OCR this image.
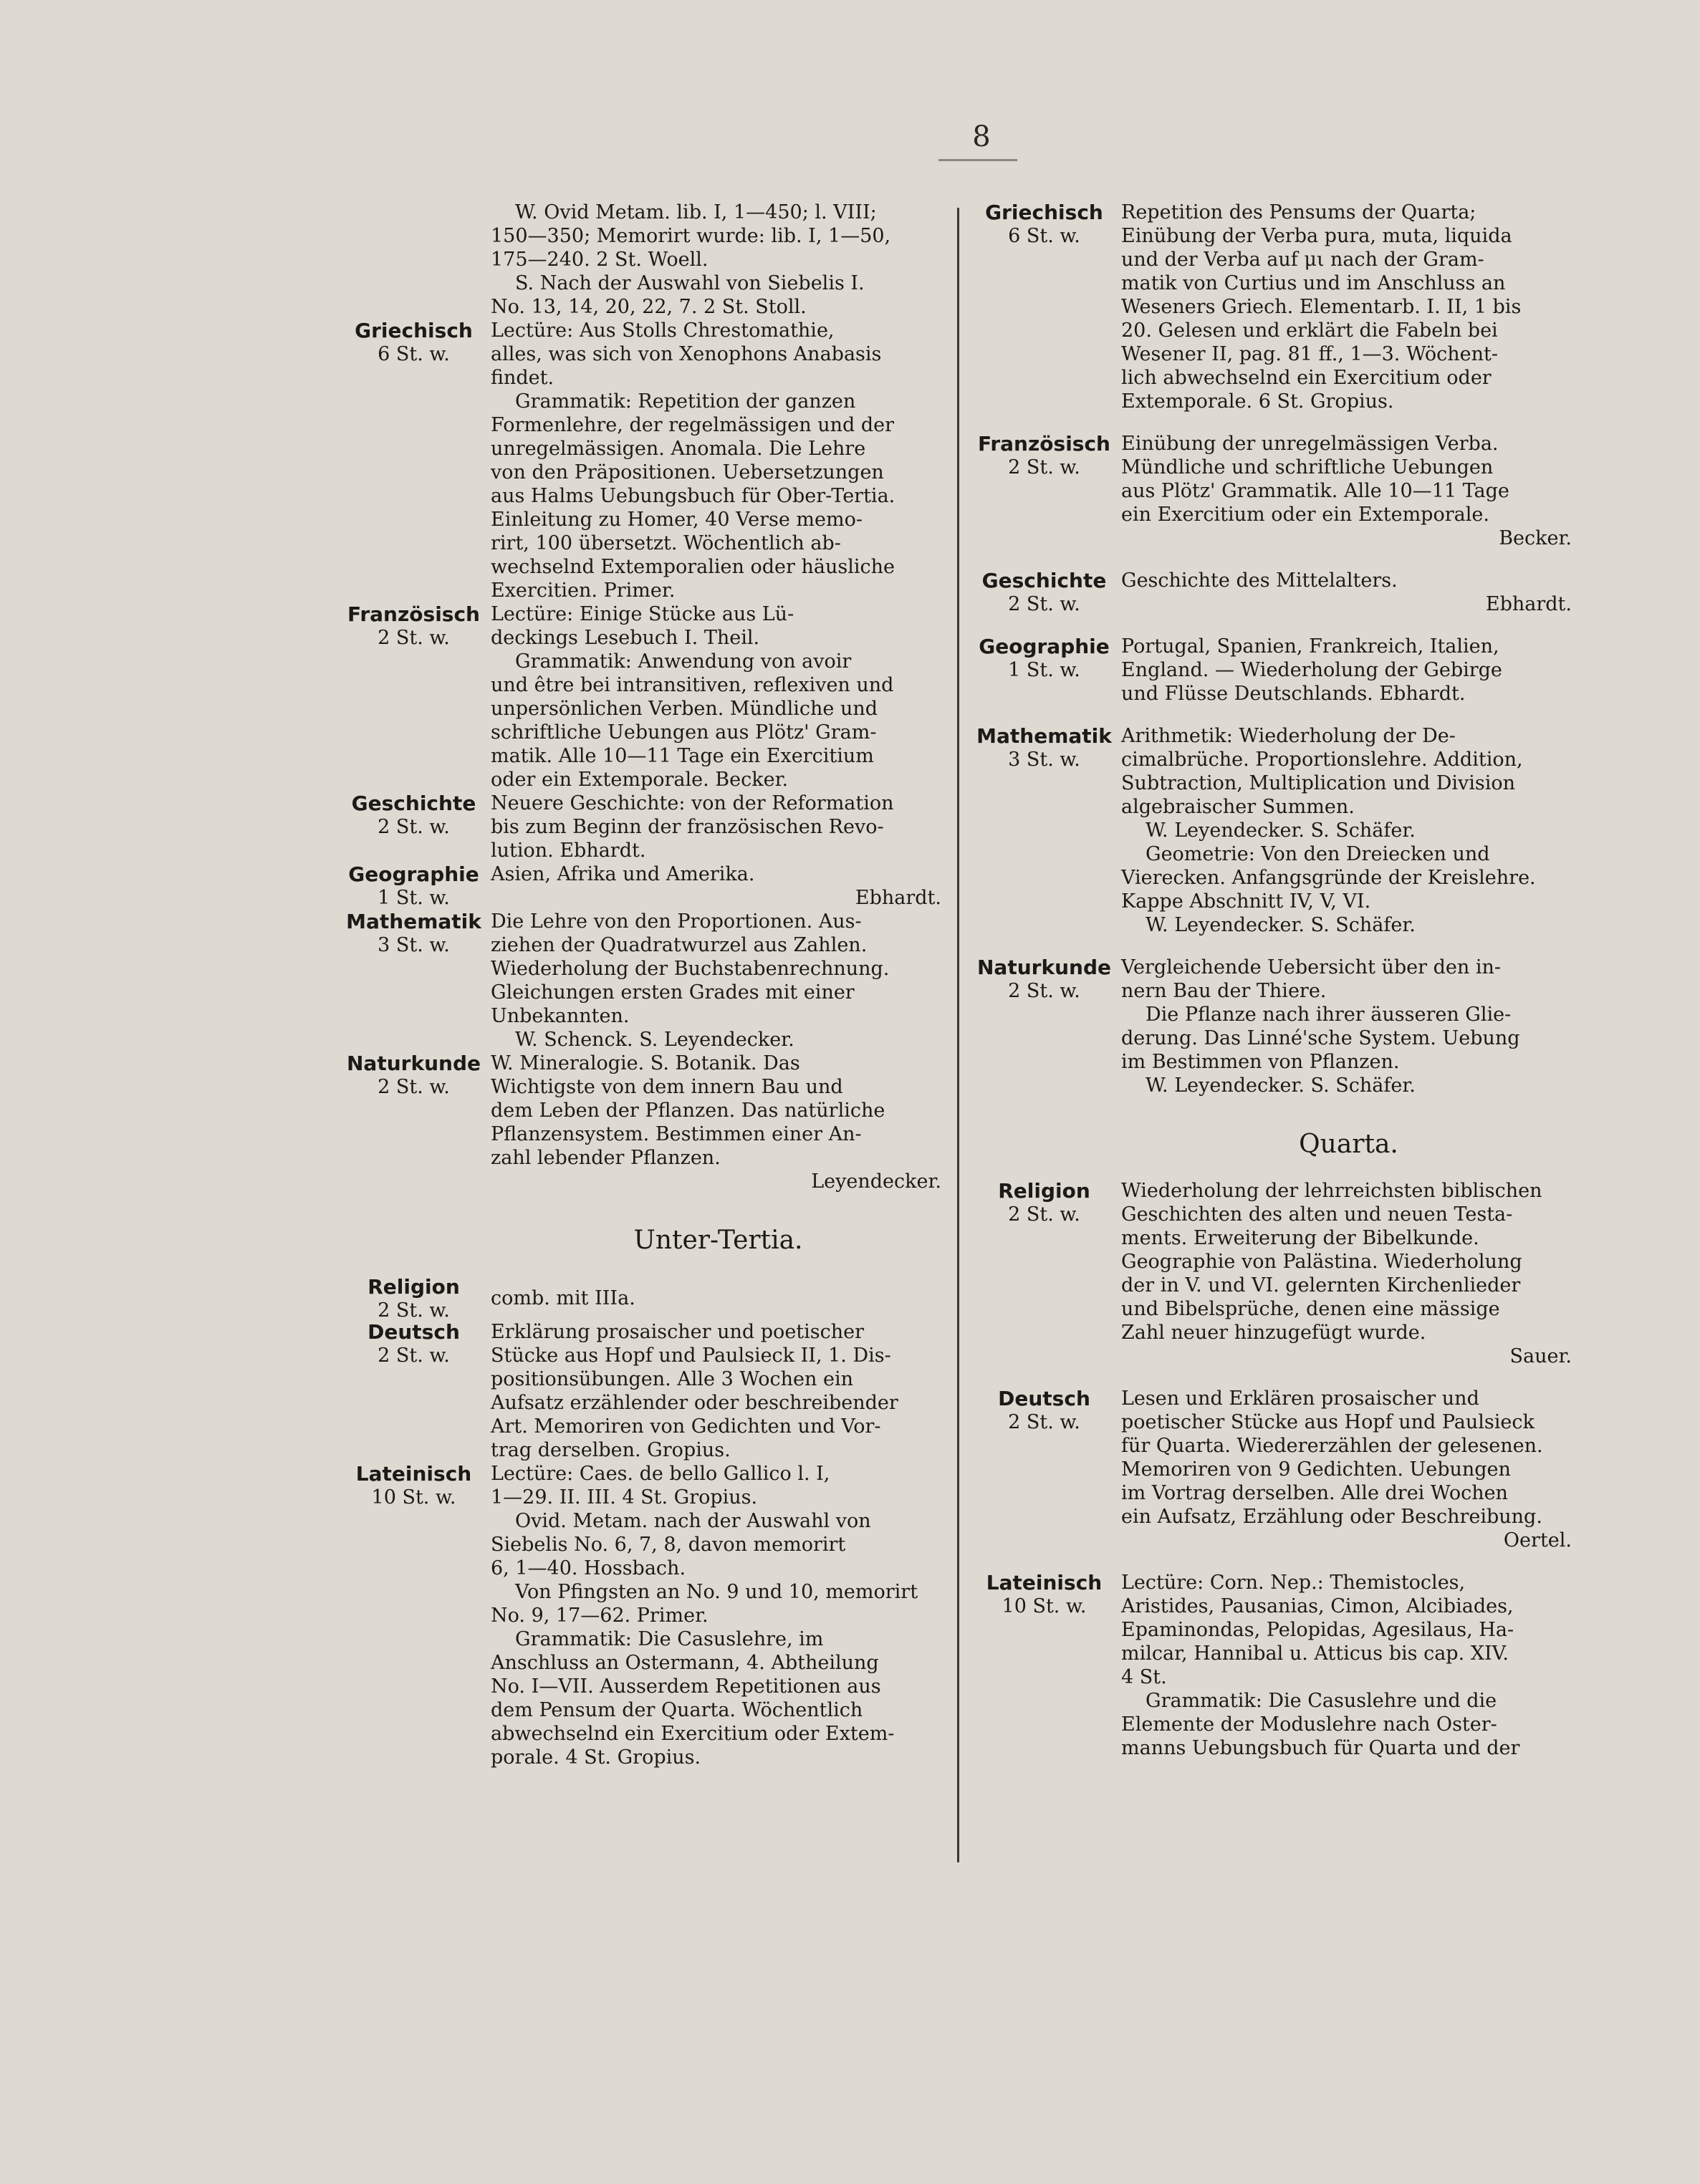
8
W. Ovid Metam. lib. I, 1—450; l. VIII;
150—350; Memorirt wurde: lib. I, 1—50,
175—240. 2 St. Woell.
S. Nach der Auswahl von Siebelis I.
No. 13, 14, 20, 22, 7. 2 St. Stoll.
Griechisch
6 St. w.
Lectüre: Aus Stolls Chrestomathie,
alles, was sich von Xenophons Anabasis
findet.
Grammatik: Repetition der ganzen
Formenlehre, der regelmässigen und der
unregelmässigen. Anomala. Die Lehre
von den Präpositionen. Uebersetzungen
aus Halms Uebungsbuch für Ober-Tertia.
Einleitung zu Homer, 40 Verse memo-
rirt, 100 übersetzt. Wöchentlich ab-
wechselnd Extemporalien oder häusliche
Exercitien. Primer.
Französisch
2 St. w.
Lectüre: Einige Stücke aus Lü-
deckings Lesebuch I. Theil.
Grammatik: Anwendung von avoir
und être bei intransitiven, reflexiven und
unpersönlichen Verben. Mündliche und
schriftliche Uebungen aus Plötz' Gram-
matik. Alle 10—11 Tage ein Exercitium
oder ein Extemporale. Becker.
Geschichte
2 St. w.
Neuere Geschichte: von der Reformation
bis zum Beginn der französischen Revo-
lution. Ebhardt.
Geographie
1 St. w.
Asien, Afrika und Amerika.
Ebhardt.
Mathematik
3 St. w.
Die Lehre von den Proportionen. Aus-
ziehen der Quadratwurzel aus Zahlen.
Wiederholung der Buchstabenrechnung.
Gleichungen ersten Grades mit einer
Unbekannten.
W. Schenck. S. Leyendecker.
Naturkunde
2 St. w.
W. Mineralogie. S. Botanik. Das
Wichtigste von dem innern Bau und
dem Leben der Pflanzen. Das natürliche
Pflanzensystem. Bestimmen einer An-
zahl lebender Pflanzen.
Leyendecker.
Unter-Tertia.
Religion
2 St. w.
comb. mit IIIa.
Deutsch
2 St. w.
Erklärung prosaischer und poetischer
Stücke aus Hopf und Paulsieck II, 1. Dis-
positionsübungen. Alle 3 Wochen ein
Aufsatz erzählender oder beschreibender
Art. Memoriren von Gedichten und Vor-
trag derselben. Gropius.
Lateinisch
10 St. w.
Lectüre: Caes. de bello Gallico l. I,
1—29. II. III. 4 St. Gropius.
Ovid. Metam. nach der Auswahl von
Siebelis No. 6, 7, 8, davon memorirt
6, 1—40. Hossbach.
Von Pfingsten an No. 9 und 10, memorirt
No. 9, 17—62. Primer.
Grammatik: Die Casuslehre, im
Anschluss an Ostermann, 4. Abtheilung
No. I—VII. Ausserdem Repetitionen aus
dem Pensum der Quarta. Wöchentlich
abwechselnd ein Exercitium oder Extem-
porale. 4 St. Gropius.
Griechisch
6 St. w.
Repetition des Pensums der Quarta;
Einübung der Verba pura, muta, liquida
und der Verba auf μι nach der Gram-
matik von Curtius und im Anschluss an
Weseners Griech. Elementarb. I. II, 1 bis
20. Gelesen und erklärt die Fabeln bei
Wesener II, pag. 81 ff., 1—3. Wöchent-
lich abwechselnd ein Exercitium oder
Extemporale. 6 St. Gropius.
Französisch
2 St. w.
Einübung der unregelmässigen Verba.
Mündliche und schriftliche Uebungen
aus Plötz' Grammatik. Alle 10—11 Tage
ein Exercitium oder ein Extemporale.
Becker.
Geschichte
2 St. w.
Geschichte des Mittelalters.
Ebhardt.
Geographie
1 St. w.
Portugal, Spanien, Frankreich, Italien,
England. — Wiederholung der Gebirge
und Flüsse Deutschlands. Ebhardt.
Mathematik
3 St. w.
Arithmetik: Wiederholung der De-
cimalbrüche. Proportionslehre. Addition,
Subtraction, Multiplication und Division
algebraischer Summen.
W. Leyendecker. S. Schäfer.
Geometrie: Von den Dreiecken und
Vierecken. Anfangsgründe der Kreislehre.
Kappe Abschnitt IV, V, VI.
W. Leyendecker. S. Schäfer.
Naturkunde
2 St. w.
Vergleichende Uebersicht über den in-
nern Bau der Thiere.
Die Pflanze nach ihrer äusseren Glie-
derung. Das Linné'sche System. Uebung
im Bestimmen von Pflanzen.
W. Leyendecker. S. Schäfer.
Quarta.
Religion
2 St. w.
Wiederholung der lehrreichsten biblischen
Geschichten des alten und neuen Testa-
ments. Erweiterung der Bibelkunde.
Geographie von Palästina. Wiederholung
der in V. und VI. gelernten Kirchenlieder
und Bibelsprüche, denen eine mässige
Zahl neuer hinzugefügt wurde.
Sauer.
Deutsch
2 St. w.
Lesen und Erklären prosaischer und
poetischer Stücke aus Hopf und Paulsieck
für Quarta. Wiedererzählen der gelesenen.
Memoriren von 9 Gedichten. Uebungen
im Vortrag derselben. Alle drei Wochen
ein Aufsatz, Erzählung oder Beschreibung.
Oertel.
Lateinisch
10 St. w.
Lectüre: Corn. Nep.: Themistocles,
Aristides, Pausanias, Cimon, Alcibiades,
Epaminondas, Pelopidas, Agesilaus, Ha-
milcar, Hannibal u. Atticus bis cap. XIV.
4 St.
Grammatik: Die Casuslehre und die
Elemente der Moduslehre nach Oster-
manns Uebungsbuch für Quarta und der
